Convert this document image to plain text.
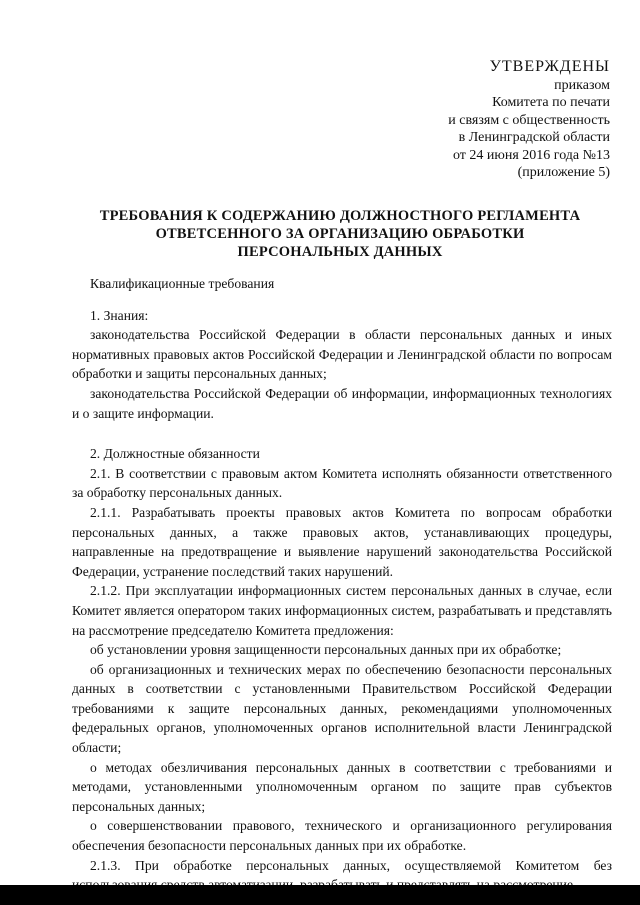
УТВЕРЖДЕНЫ
приказом
Комитета по печати
и связям с общественность
в Ленинградской области
от 24 июня 2016 года №13
(приложение 5)
ТРЕБОВАНИЯ К СОДЕРЖАНИЮ ДОЛЖНОСТНОГО РЕГЛАМЕНТА
ОТВЕТСЕННОГО ЗА ОРГАНИЗАЦИЮ ОБРАБОТКИ
ПЕРСОНАЛЬНЫХ ДАННЫХ
Квалификационные требования
1. Знания:

законодательства Российской Федерации в области персональных данных и иных нормативных правовых актов Российской Федерации и Ленинградской области по вопросам обработки и защиты персональных данных;

законодательства Российской Федерации об информации, информационных технологиях и о защите информации.

2. Должностные обязанности

2.1. В соответствии с правовым актом Комитета исполнять обязанности ответственного за обработку персональных данных.

2.1.1. Разрабатывать проекты правовых актов Комитета по вопросам обработки персональных данных, а также правовых актов, устанавливающих процедуры, направленные на предотвращение и выявление нарушений законодательства Российской Федерации, устранение последствий таких нарушений.

2.1.2. При эксплуатации информационных систем персональных данных в случае, если Комитет является оператором таких информационных систем, разрабатывать и представлять на рассмотрение председателю Комитета предложения:

об установлении уровня защищенности персональных данных при их обработке;

об организационных и технических мерах по обеспечению безопасности персональных данных в соответствии с установленными Правительством Российской Федерации требованиями к защите персональных данных, рекомендациями уполномоченных федеральных органов, уполномоченных органов исполнительной власти Ленинградской области;

о методах обезличивания персональных данных в соответствии с требованиями и методами, установленными уполномоченным органом по защите прав субъектов персональных данных;

о совершенствовании правового, технического и организационного регулирования обеспечения безопасности персональных данных при их обработке.

2.1.3. При обработке персональных данных, осуществляемой Комитетом без
